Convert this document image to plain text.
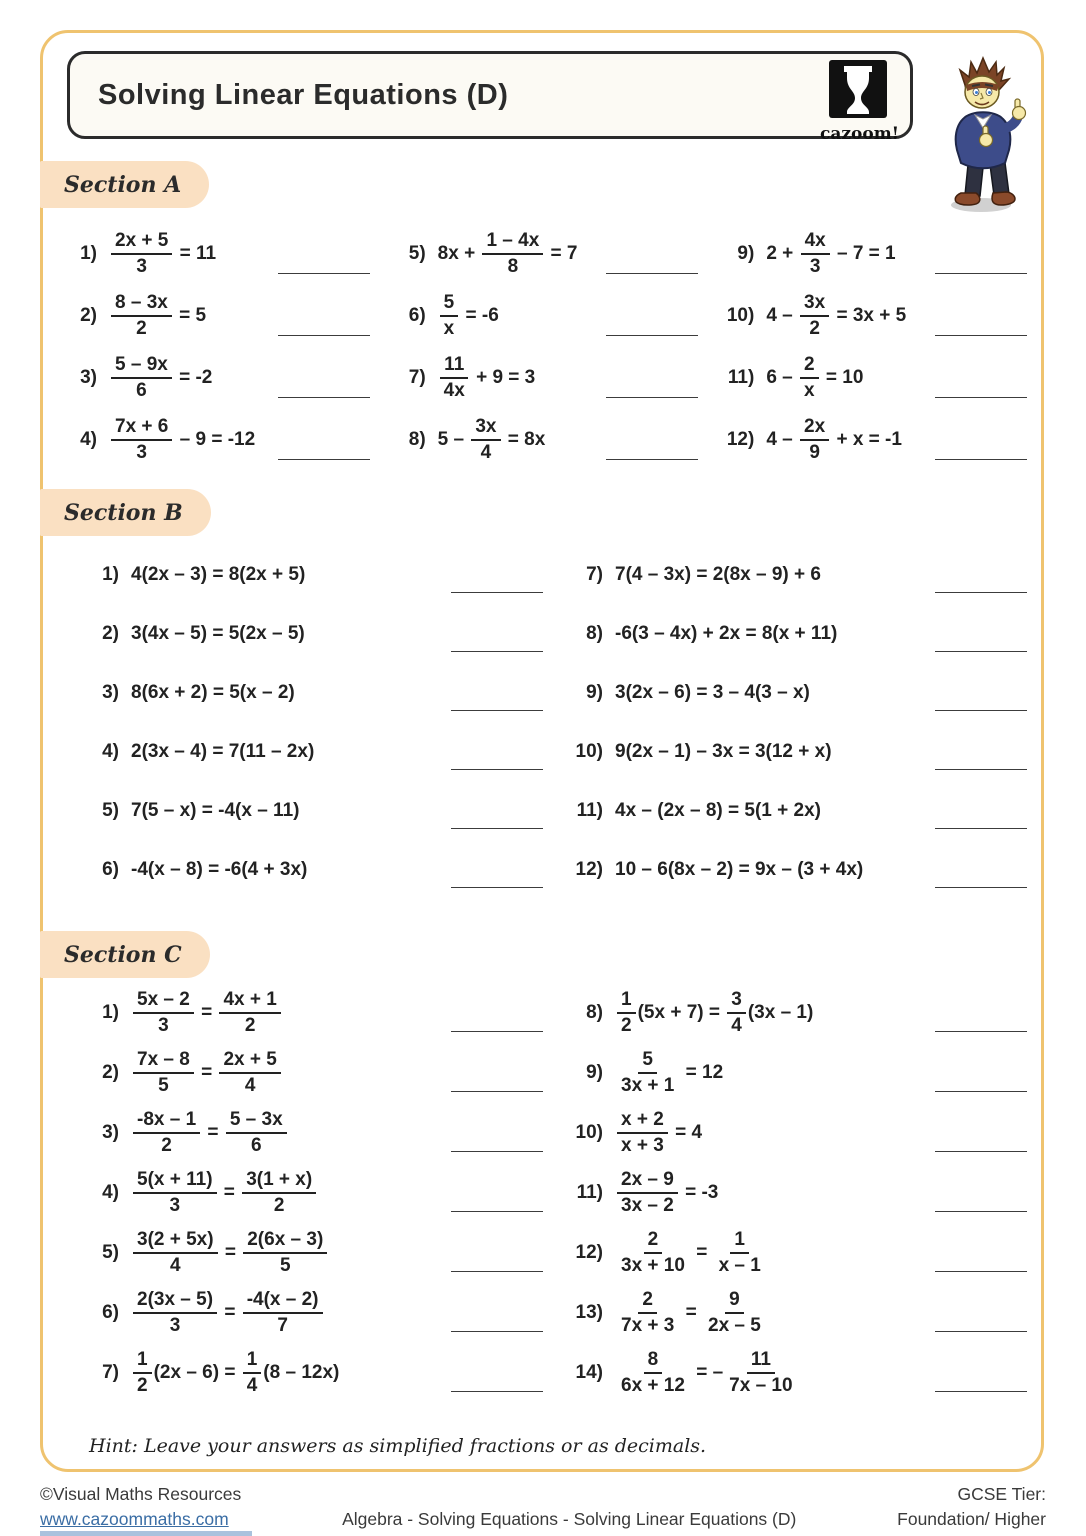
Solving Linear Equations (D)
cazoom!
Section A
$1) \frac{2x + 5}{3} = 11$
$2) \frac{8 - 3x}{2} = 5$
$3) \frac{5 - 9x}{6} = -2$
$4) \frac{7x + 6}{3} - 9 = -12$
5) $8x + \frac{1 - 4x}{8} = 7$
$6) \frac{5}{x} = -6$
$7) \frac{11}{4x} + 9 = 3$
8) $5 - \frac{3x}{4} = 8x$
9) $2 + \frac{4x}{3} - 7 = 1$
10) $4 - \frac{3x}{2} = 3x + 5$
11) $6 - \frac{2}{x} = 10$
12) $4 - \frac{2x}{9} + x = -1$
Section B
1) 4(2x – 3) = 8(2x + 5)
2) 3(4x – 5) = 5(2x – 5)
3) 8(6x + 2) = 5(x – 2)
4) 2(3x – 4) = 7(11 – 2x)
5) 7(5 – x) = -4(x – 11)
6) -4(x – 8) = -6(4 + 3x)
7) 7(4 – 3x) = 2(8x – 9) + 6
8) -6(3 – 4x) + 2x = 8(x + 11)
9) 3(2x – 6) = 3 – 4(3 – x)
10) 9(2x – 1) – 3x = 3(12 + x)
11) 4x – (2x – 8) = 5(1 + 2x)
12) 10 – 6(8x – 2) = 9x – (3 + 4x)
Section C
$1) \frac{5x - 2}{3} = \frac{4x + 1}{2}$
$2) \frac{7x - 8}{5} = \frac{2x + 5}{4}$
$3) \frac{-8x - 1}{2} = \frac{5 - 3x}{6}$
$4) \frac{5(x + 11)}{3} = \frac{3(1 + x)}{2}$
$5) \frac{3(2 + 5x)}{4} = \frac{2(6x - 3)}{5}$
$6) \frac{2(3x - 5)}{3} = \frac{-4(x - 2)}{7}$
$7) \frac{1}{2} (2x - 6) = \frac{1}{4} (8 - 12x)$
$8) \frac{1}{2} (5x + 7) = \frac{3}{4} (3x - 1)$
$9) \frac{5}{3x + 1} = 12$
$10) \frac{x + 2}{x + 3} = 4$
$11) \frac{2x - 9}{3x - 2} = -3$
$12) \frac{2}{3x + 10} = \frac{1}{x - 1}$
$13) \frac{2}{7x + 3} = \frac{9}{2x - 5}$
$14) \frac{8}{6x + 12}$ = – $\frac{11}{7x - 10}$

Hint: Leave your answers as simplified fractions or as decimals.

©Visual Maths Resources
www.cazoommaths.com	Algebra - Solving Equations - Solving Linear Equations (D)
GCSE Tier:
Foundation/ Higher
